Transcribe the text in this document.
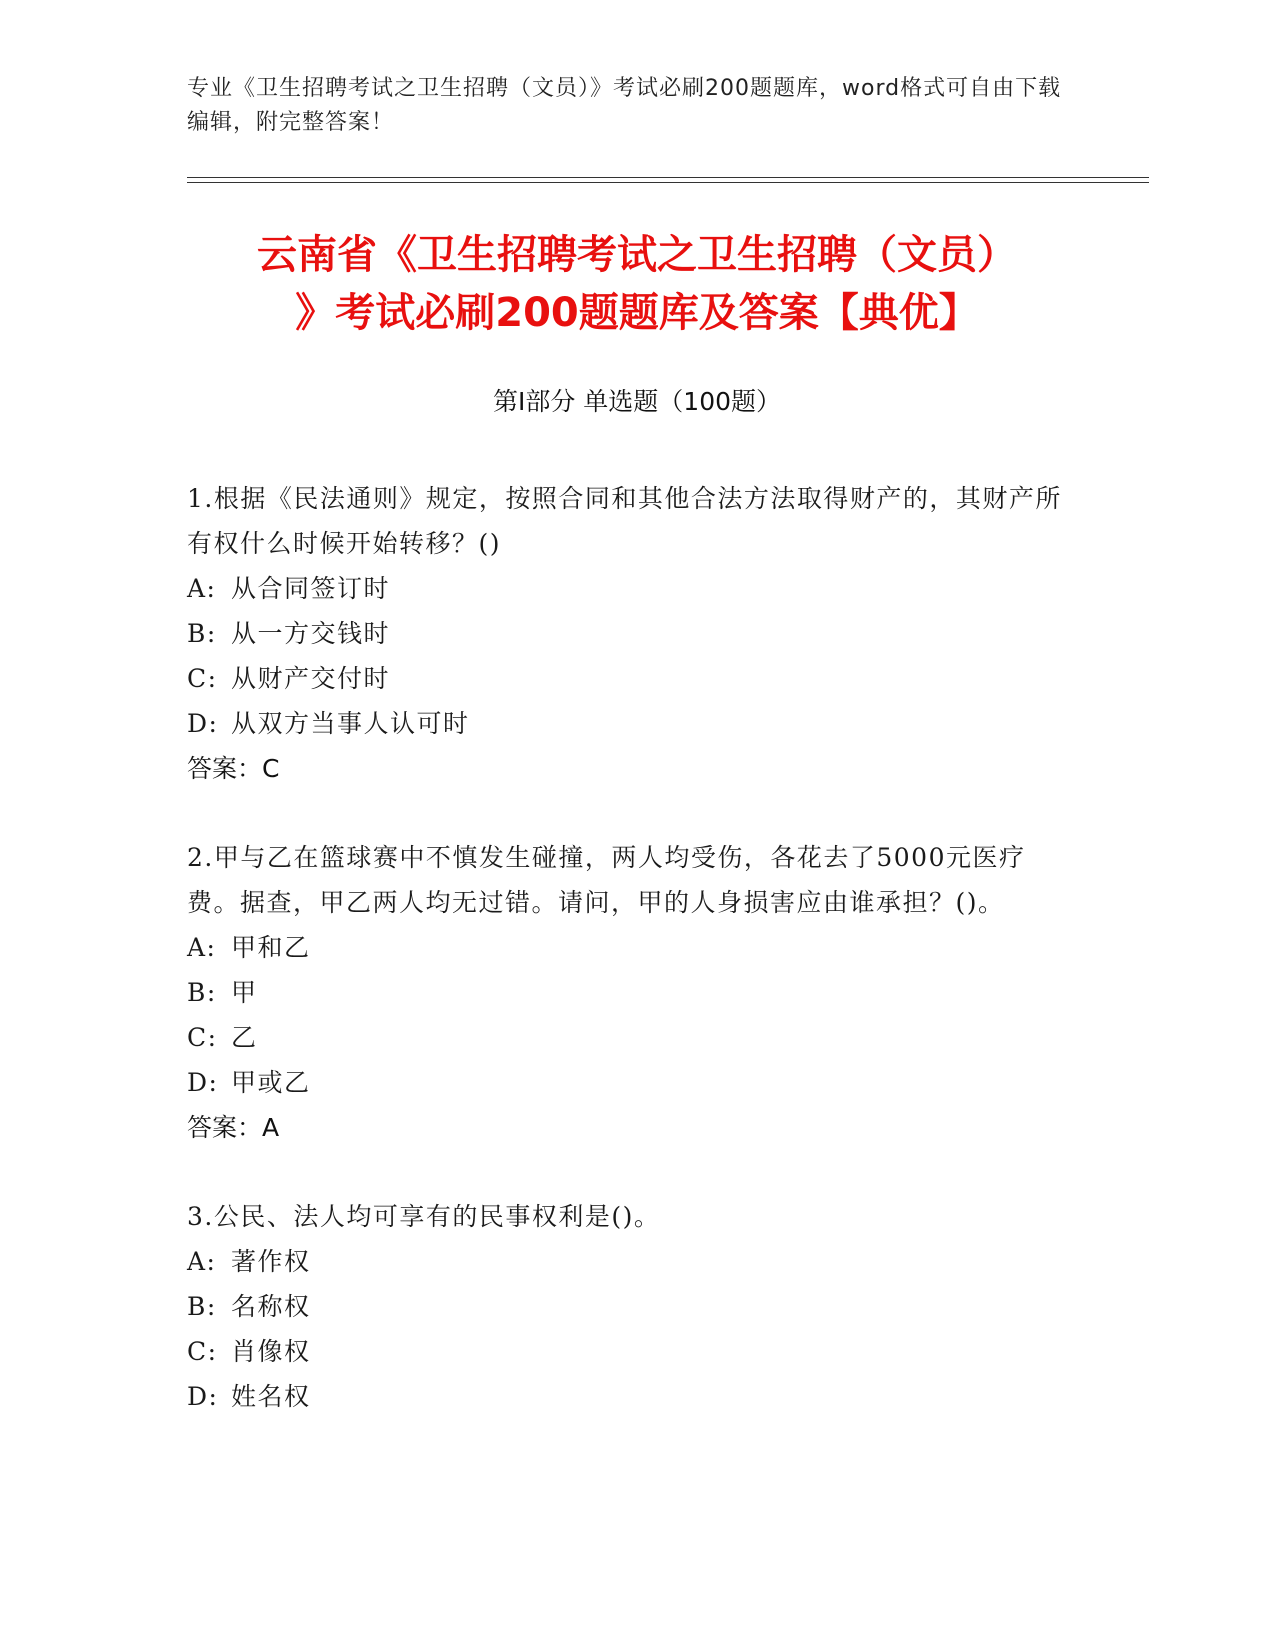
专业《卫生招聘考试之卫生招聘（文员）》考试必刷200题题库，word格式可自由下载编辑，附完整答案！
云南省《卫生招聘考试之卫生招聘（文员）
》考试必刷200题题库及答案【典优】
第Ⅰ部分 单选题（100题）

1.根据《民法通则》规定，按照合同和其他合法方法取得财产的，其财产所有权什么时候开始转移？()

A: 从合同签订时

B: 从一方交钱时

C: 从财产交付时

D: 从双方当事人认可时

答案：C

2.甲与乙在篮球赛中不慎发生碰撞，两人均受伤，各花去了5000元医疗费。据查，甲乙两人均无过错。请问，甲的人身损害应由谁承担？()。

A: 甲和乙

B: 甲

C: 乙

D: 甲或乙

答案：A

3.公民、法人均可享有的民事权利是()。

A: 著作权

B: 名称权

C: 肖像权

D: 姓名权
